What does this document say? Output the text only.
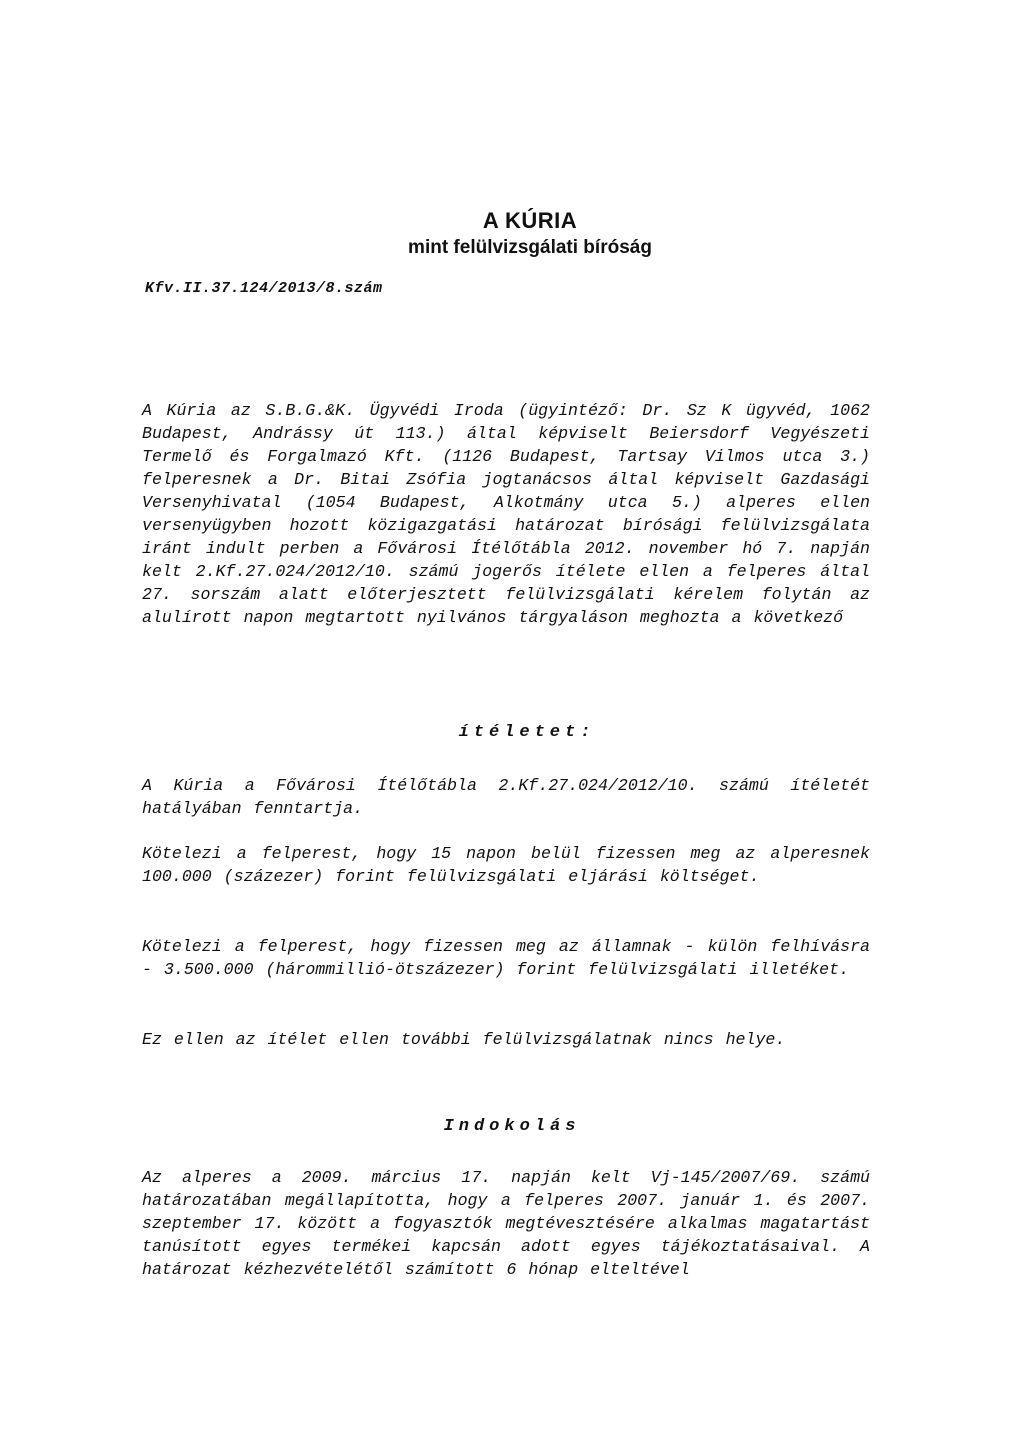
A KÚRIA
mint felülvizsgálati bíróság
Kfv.II.37.124/2013/8.szám

A Kúria az S.B.G.&K. Ügyvédi Iroda (ügyintéző: Dr. Sz K ügyvéd, 1062 Budapest, Andrássy út 113.) által képviselt Beiersdorf Vegyészeti Termelő és Forgalmazó Kft. (1126 Budapest, Tartsay Vilmos utca 3.) felperesnek a Dr. Bitai Zsófia jogtanácsos által képviselt Gazdasági Versenyhivatal (1054 Budapest, Alkotmány utca 5.) alperes ellen versenyügyben hozott közigazgatási határozat bírósági felülvizsgálata iránt indult perben a Fővárosi Ítélőtábla 2012. november hó 7. napján kelt 2.Kf.27.024/2012/10. számú jogerős ítélete ellen a felperes által 27. sorszám alatt előterjesztett felülvizsgálati kérelem folytán az alulírott napon megtartott nyilvános tárgyaláson meghozta a következő

ítéletet:

A Kúria a Fővárosi Ítélőtábla 2.Kf.27.024/2012/10. számú ítéletét hatályában fenntartja.

Kötelezi a felperest, hogy 15 napon belül fizessen meg az alperesnek 100.000 (százezer) forint felülvizsgálati eljárási költséget.

Kötelezi a felperest, hogy fizessen meg az államnak - külön felhívásra - 3.500.000 (hárommillió-ötszázezer) forint felülvizsgálati illetéket.

Ez ellen az ítélet ellen további felülvizsgálatnak nincs helye.

Indokolás

Az alperes a 2009. március 17. napján kelt Vj-145/2007/69. számú határozatában megállapította, hogy a felperes 2007. január 1. és 2007. szeptember 17. között a fogyasztók megtévesztésére alkalmas magatartást tanúsított egyes termékei kapcsán adott egyes tájékoztatásaival. A határozat kézhezvételétől számított 6 hónap elteltével
